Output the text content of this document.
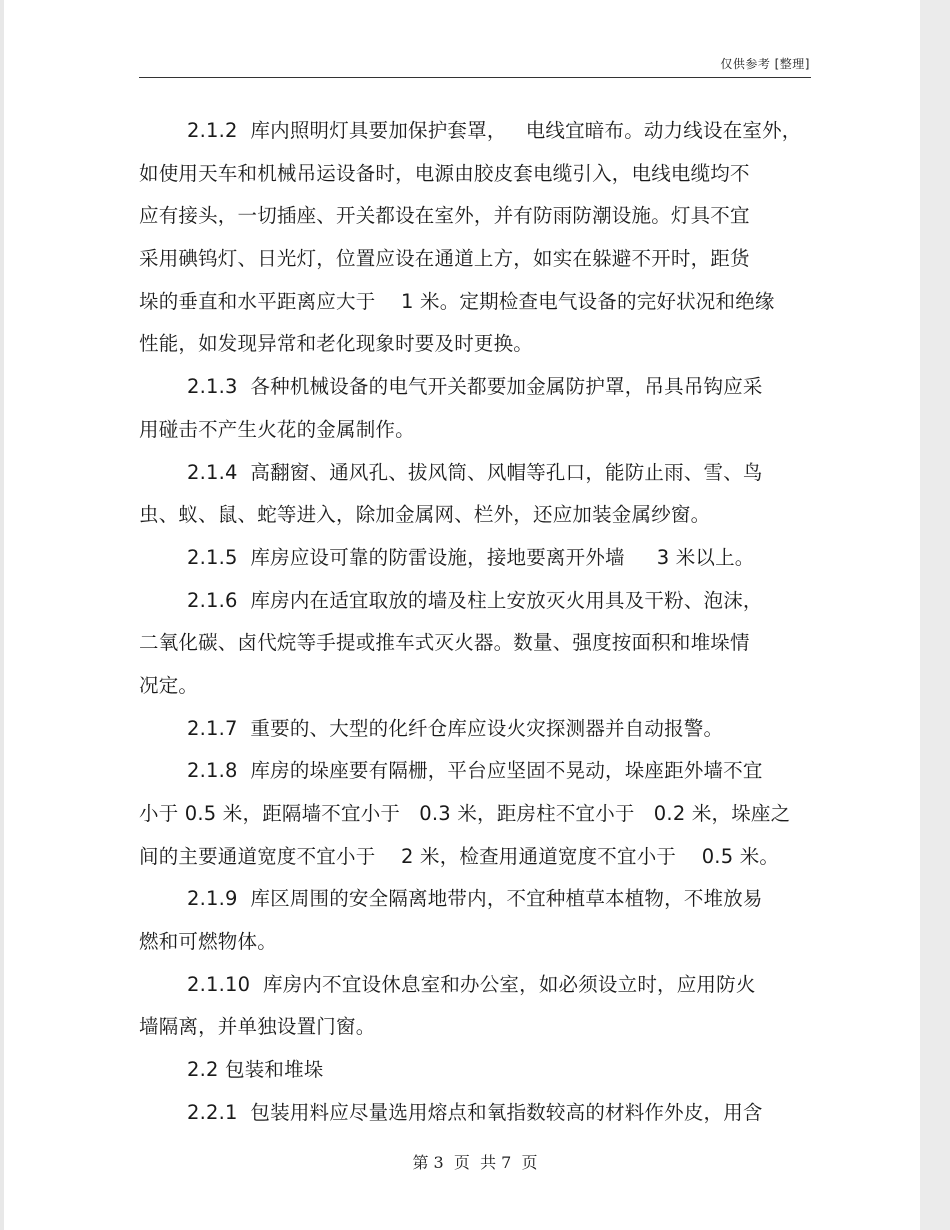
仅供参考 [整理]
2.1.2  库内照明灯具要加保护套罩，   电线宜暗布。动力线设在室外，
如使用天车和机械吊运设备时，电源由胶皮套电缆引入，电线电缆均不
应有接头，一切插座、开关都设在室外，并有防雨防潮设施。灯具不宜
采用碘钨灯、日光灯，位置应设在通道上方，如实在躲避不开时，距货
垛的垂直和水平距离应大于    1 米。定期检查电气设备的完好状况和绝缘
性能，如发现异常和老化现象时要及时更换。
2.1.3  各种机械设备的电气开关都要加金属防护罩，吊具吊钩应采
用碰击不产生火花的金属制作。
2.1.4  高翻窗、通风孔、拔风筒、风帽等孔口，能防止雨、雪、鸟
虫、蚁、鼠、蛇等进入，除加金属网、栏外，还应加装金属纱窗。
2.1.5  库房应设可靠的防雷设施，接地要离开外墙     3 米以上。
2.1.6  库房内在适宜取放的墙及柱上安放灭火用具及干粉、泡沫，
二氧化碳、卤代烷等手提或推车式灭火器。数量、强度按面积和堆垛情
况定。
2.1.7  重要的、大型的化纤仓库应设火灾探测器并自动报警。
2.1.8  库房的垛座要有隔栅，平台应坚固不晃动，垛座距外墙不宜
小于 0.5 米，距隔墙不宜小于   0.3 米，距房柱不宜小于   0.2 米，垛座之
间的主要通道宽度不宜小于    2 米，检查用通道宽度不宜小于    0.5 米。
2.1.9  库区周围的安全隔离地带内，不宜种植草本植物，不堆放易
燃和可燃物体。
2.1.10  库房内不宜设休息室和办公室，如必须设立时，应用防火
墙隔离，并单独设置门窗。
2.2 包装和堆垛
2.2.1  包装用料应尽量选用熔点和氧指数较高的材料作外皮，用含
第 3  页  共 7  页
